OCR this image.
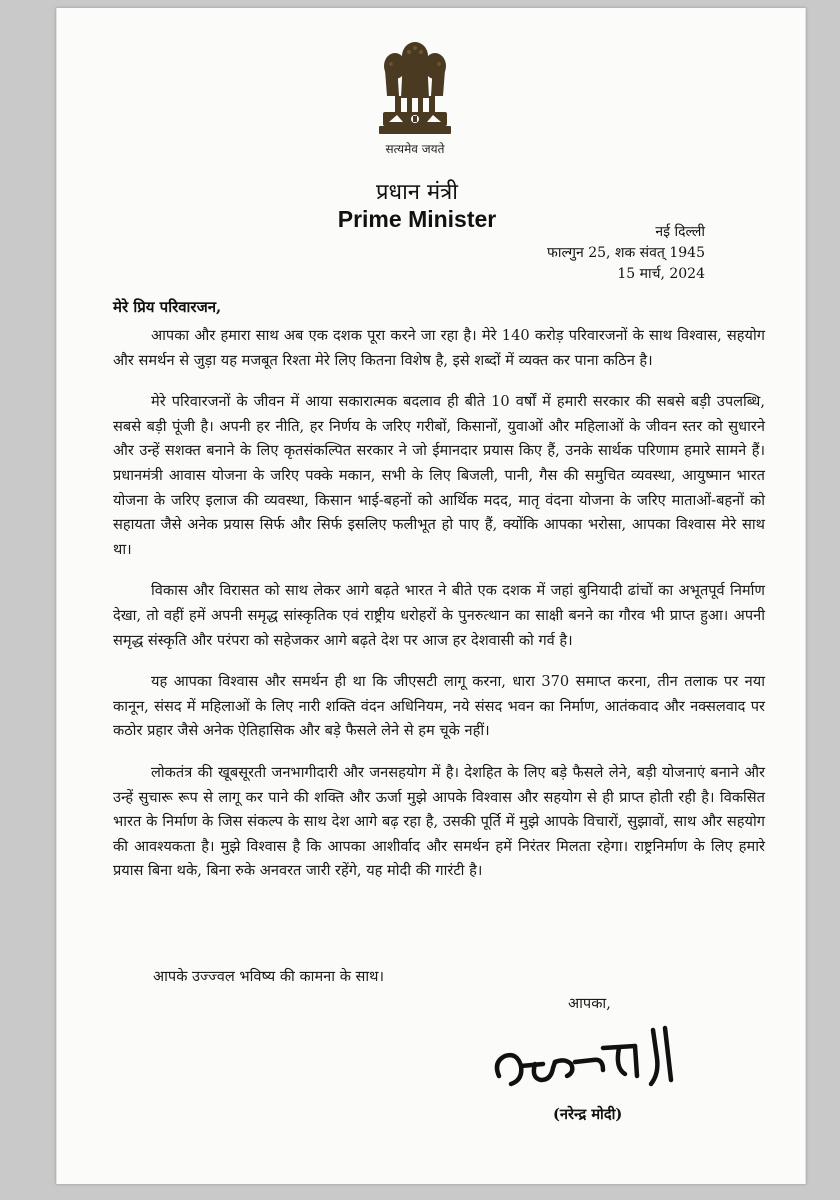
सत्यमेव जयते
प्रधान मंत्री
Prime Minister	नई दिल्ली
फाल्गुन 25, शक संवत् 1945
15 मार्च, 2024
मेरे प्रिय परिवारजन,

आपका और हमारा साथ अब एक दशक पूरा करने जा रहा है। मेरे 140 करोड़ परिवारजनों के साथ विश्वास, सहयोग और समर्थन से जुड़ा यह मजबूत रिश्ता मेरे लिए कितना विशेष है, इसे शब्दों में व्यक्त कर पाना कठिन है।

मेरे परिवारजनों के जीवन में आया सकारात्मक बदलाव ही बीते 10 वर्षों में हमारी सरकार की सबसे बड़ी उपलब्धि, सबसे बड़ी पूंजी है। अपनी हर नीति, हर निर्णय के जरिए गरीबों, किसानों, युवाओं और महिलाओं के जीवन स्तर को सुधारने और उन्हें सशक्त बनाने के लिए कृतसंकल्पित सरकार ने जो ईमानदार प्रयास किए हैं, उनके सार्थक परिणाम हमारे सामने हैं। प्रधानमंत्री आवास योजना के जरिए पक्के मकान, सभी के लिए बिजली, पानी, गैस की समुचित व्यवस्था, आयुष्मान भारत योजना के जरिए इलाज की व्यवस्था, किसान भाई-बहनों को आर्थिक मदद, मातृ वंदना योजना के जरिए माताओं-बहनों को सहायता जैसे अनेक प्रयास सिर्फ और सिर्फ इसलिए फलीभूत हो पाए हैं, क्योंकि आपका भरोसा, आपका विश्वास मेरे साथ था।

विकास और विरासत को साथ लेकर आगे बढ़ते भारत ने बीते एक दशक में जहां बुनियादी ढांचों का अभूतपूर्व निर्माण देखा, तो वहीं हमें अपनी समृद्ध सांस्कृतिक एवं राष्ट्रीय धरोहरों के पुनरुत्थान का साक्षी बनने का गौरव भी प्राप्त हुआ। अपनी समृद्ध संस्कृति और परंपरा को सहेजकर आगे बढ़ते देश पर आज हर देशवासी को गर्व है।

यह आपका विश्वास और समर्थन ही था कि जीएसटी लागू करना, धारा 370 समाप्त करना, तीन तलाक पर नया कानून, संसद में महिलाओं के लिए नारी शक्ति वंदन अधिनियम, नये संसद भवन का निर्माण, आतंकवाद और नक्सलवाद पर कठोर प्रहार जैसे अनेक ऐतिहासिक और बड़े फैसले लेने से हम चूके नहीं।

लोकतंत्र की खूबसूरती जनभागीदारी और जनसहयोग में है। देशहित के लिए बड़े फैसले लेने, बड़ी योजनाएं बनाने और उन्हें सुचारू रूप से लागू कर पाने की शक्ति और ऊर्जा मुझे आपके विश्वास और सहयोग से ही प्राप्त होती रही है। विकसित भारत के निर्माण के जिस संकल्प के साथ देश आगे बढ़ रहा है, उसकी पूर्ति में मुझे आपके विचारों, सुझावों, साथ और सहयोग की आवश्यकता है। मुझे विश्वास है कि आपका आशीर्वाद और समर्थन हमें निरंतर मिलता रहेगा। राष्ट्रनिर्माण के लिए हमारे प्रयास बिना थके, बिना रुके अनवरत जारी रहेंगे, यह मोदी की गारंटी है।

आपके उज्ज्वल भविष्य की कामना के साथ।
आपका,
(नरेन्द्र मोदी)
